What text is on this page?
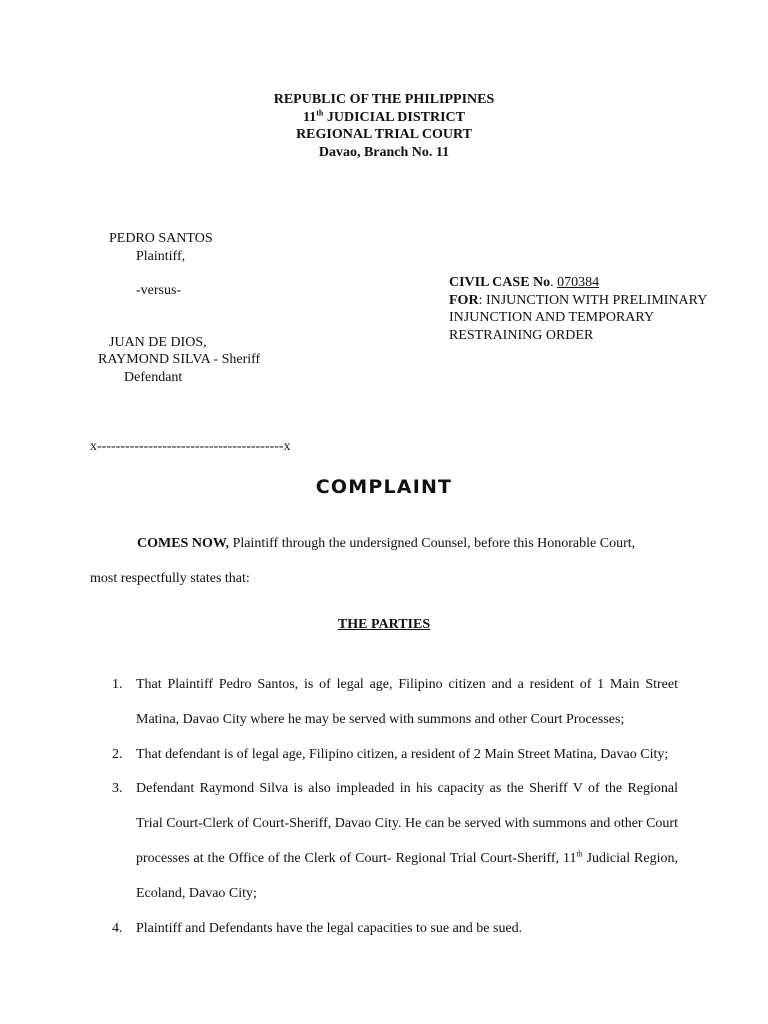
REPUBLIC OF THE PHILIPPINES
11th JUDICIAL DISTRICT
REGIONAL TRIAL COURT
Davao, Branch No. 11
PEDRO SANTOS
Plaintiff,
-versus-
JUAN DE DIOS,
RAYMOND SILVA - Sheriff
Defendant
CIVIL CASE No. 070384
FOR: INJUNCTION WITH PRELIMINARY INJUNCTION AND TEMPORARY RESTRAINING ORDER
x----------------------------------------x
COMPLAINT
COMES NOW, Plaintiff through the undersigned Counsel, before this Honorable Court,
most respectfully states that:
THE PARTIES
1. That Plaintiff Pedro Santos, is of legal age, Filipino citizen and a resident of 1 Main Street Matina, Davao City where he may be served with summons and other Court Processes;
2. That defendant is of legal age, Filipino citizen, a resident of 2 Main Street Matina, Davao City;
3. Defendant Raymond Silva is also impleaded in his capacity as the Sheriff V of the Regional Trial Court-Clerk of Court-Sheriff, Davao City. He can be served with summons and other Court processes at the Office of the Clerk of Court- Regional Trial Court-Sheriff, 11th Judicial Region, Ecoland, Davao City;
4. Plaintiff and Defendants have the legal capacities to sue and be sued.
